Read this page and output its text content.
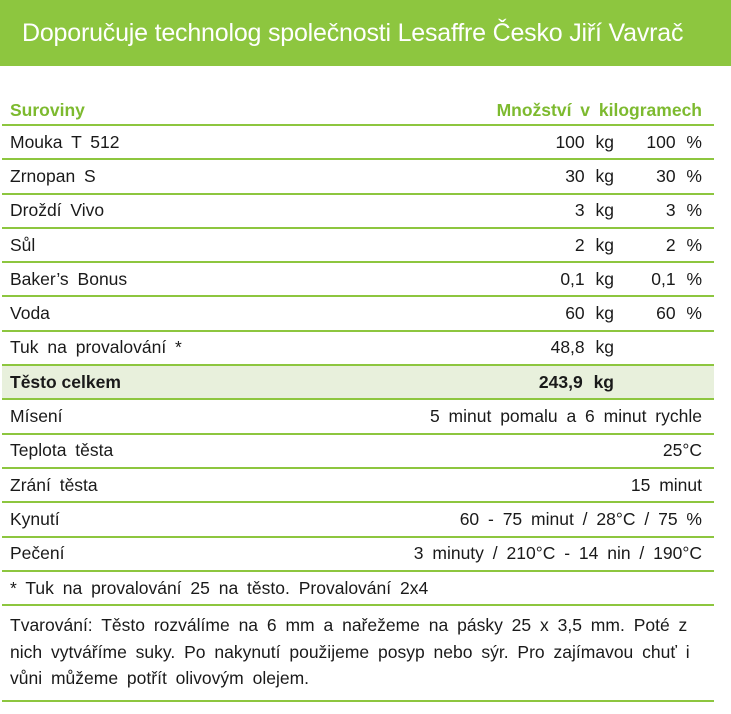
Doporučuje technolog společnosti Lesaffre Česko Jiří Vavrač
Suroviny	Množství v kilogramech
Mouka T 512	100 kg 100 %
Zrnopan S	30 kg 30 %
Droždí Vivo	3 kg	3 %
Sůl	2 kg	2 %
Baker’s Bonus	0,1 kg 0,1 %
Voda	60 kg 60 %
Tuk na provalování *	48,8 kg
Těsto celkem	243,9 kg
Mísení	5 minut pomalu a 6 minut rychle
Teplota těsta	25°C
Zrání těsta	15 minut
Kynutí	60 - 75 minut / 28°C / 75 %
Pečení	3 minuty / 210°C - 14 nin / 190°C
* Tuk na provalování 25 na těsto. Provalování 2x4
Tvarování: Těsto rozválíme na 6 mm a nařežeme na pásky 25 x 3,5 mm. Poté z nich vytváříme suky. Po nakynutí použijeme posyp nebo sýr. Pro zajímavou chuť i vůni můžeme potřít olivovým olejem.
